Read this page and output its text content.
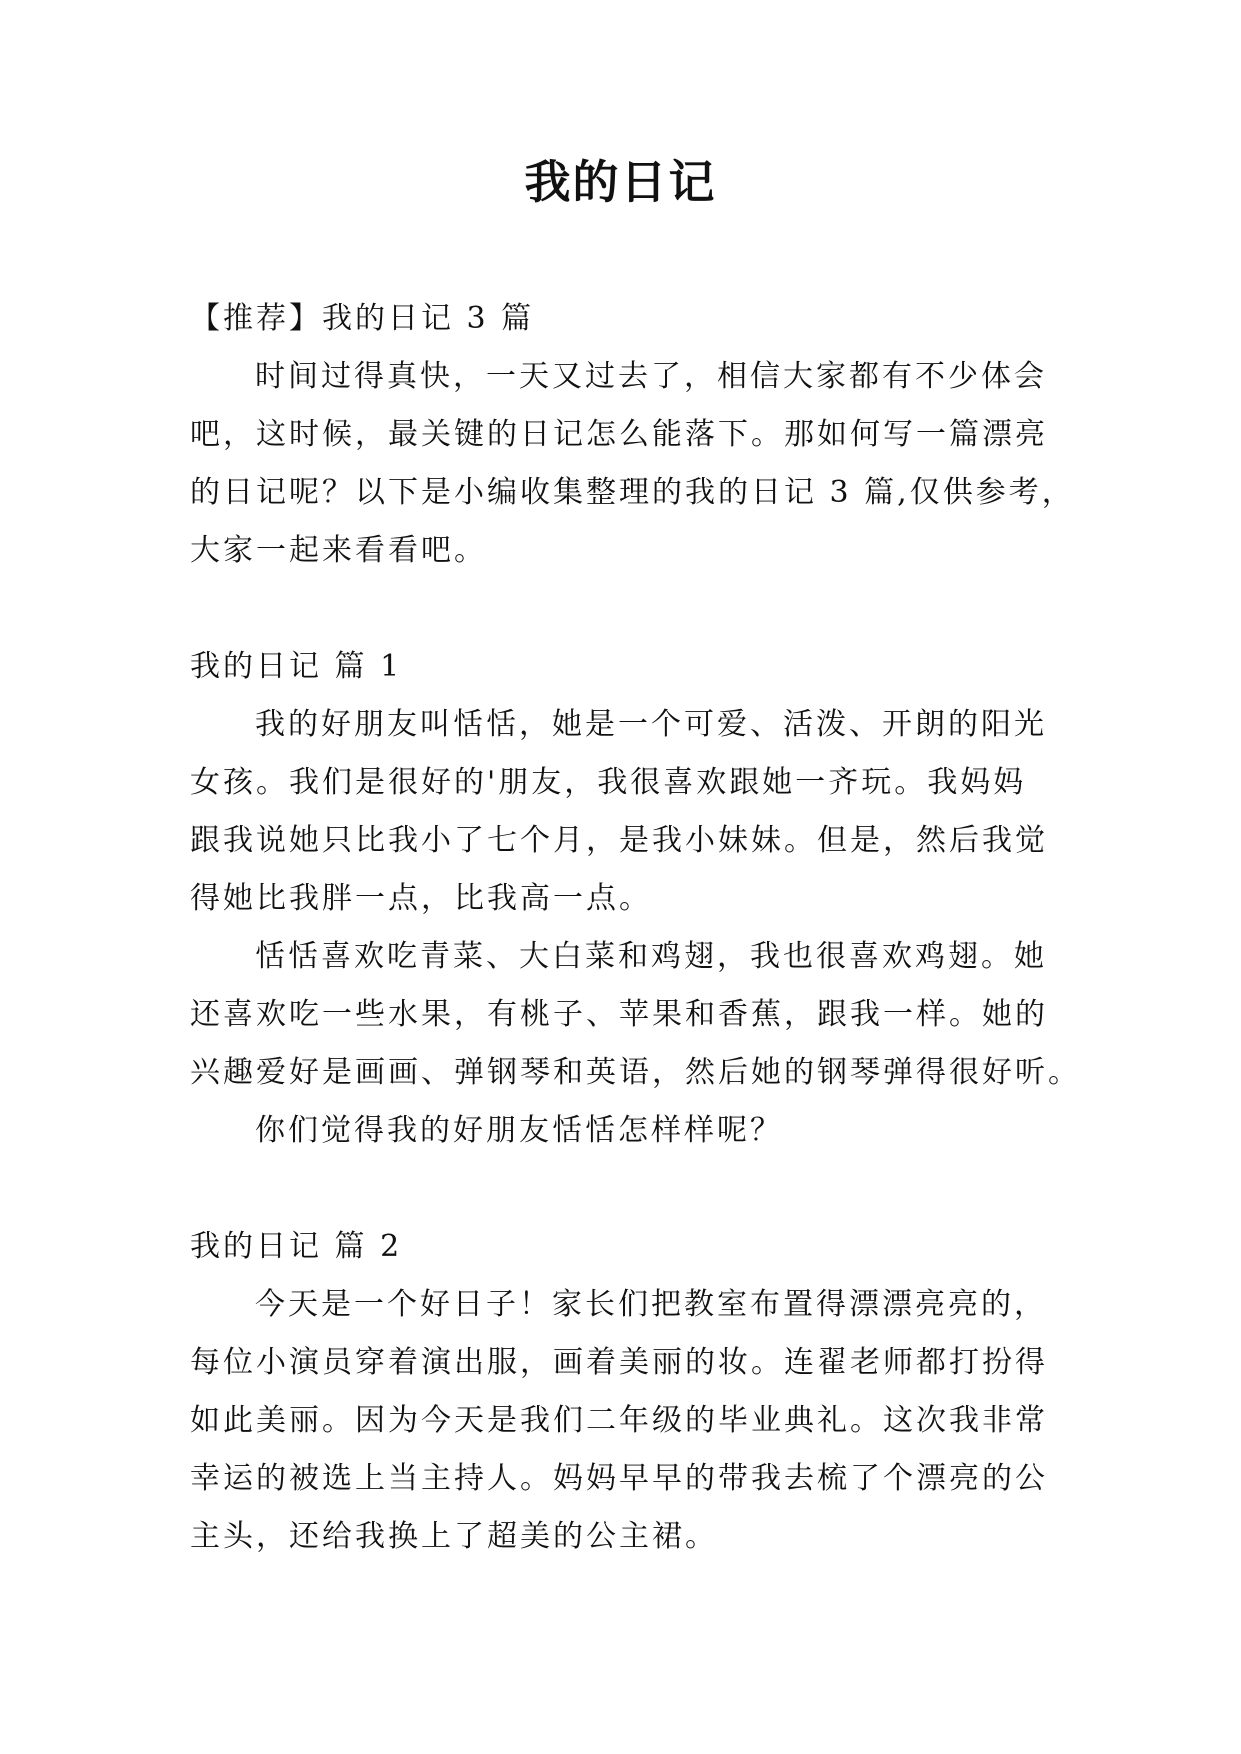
我的日记
【推荐】我的日记 3 篇
时间过得真快，一天又过去了，相信大家都有不少体会
吧，这时候，最关键的日记怎么能落下。那如何写一篇漂亮
的日记呢？以下是小编收集整理的我的日记 3 篇,仅供参考，
大家一起来看看吧。
我的日记 篇 1
我的好朋友叫恬恬，她是一个可爱、活泼、开朗的阳光
女孩。我们是很好的'朋友，我很喜欢跟她一齐玩。我妈妈
跟我说她只比我小了七个月，是我小妹妹。但是，然后我觉
得她比我胖一点，比我高一点。
恬恬喜欢吃青菜、大白菜和鸡翅，我也很喜欢鸡翅。她
还喜欢吃一些水果，有桃子、苹果和香蕉，跟我一样。她的
兴趣爱好是画画、弹钢琴和英语，然后她的钢琴弹得很好听。
你们觉得我的好朋友恬恬怎样样呢？
我的日记 篇 2
今天是一个好日子！家长们把教室布置得漂漂亮亮的，
每位小演员穿着演出服，画着美丽的妆。连翟老师都打扮得
如此美丽。因为今天是我们二年级的毕业典礼。这次我非常
幸运的被选上当主持人。妈妈早早的带我去梳了个漂亮的公
主头，还给我换上了超美的公主裙。
